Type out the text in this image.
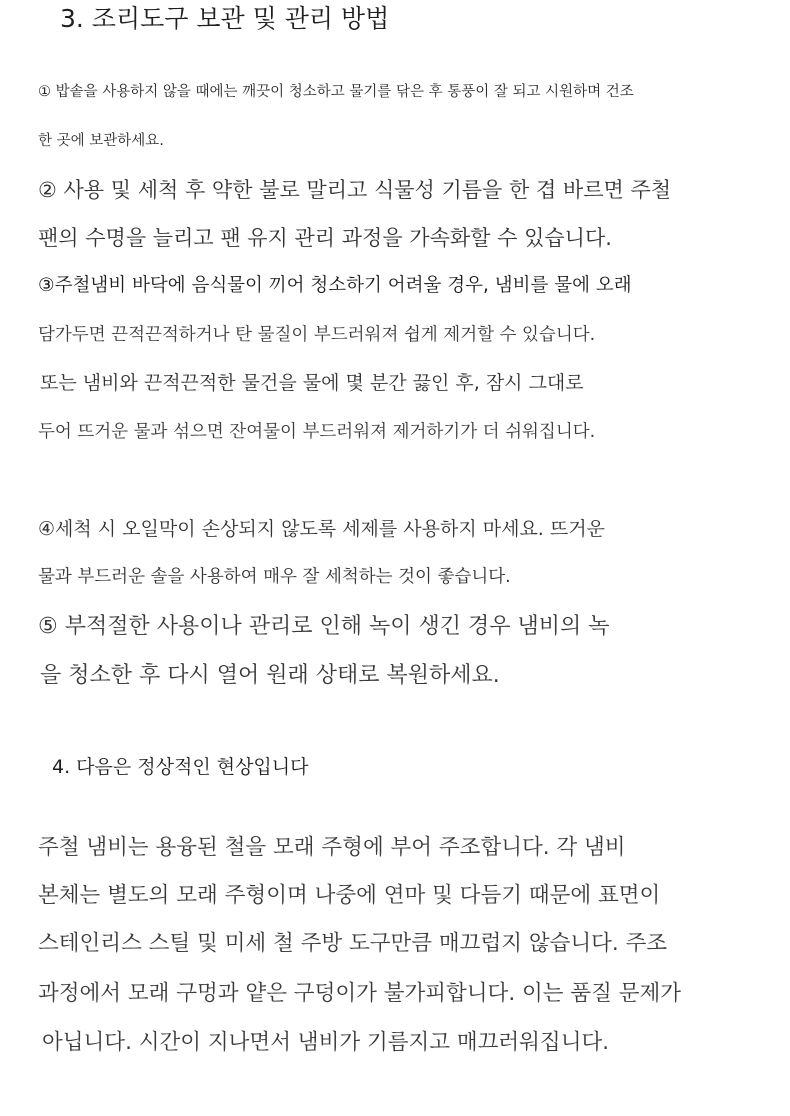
3. 조리도구 보관 및 관리 방법
① 밥솥을 사용하지 않을 때에는 깨끗이 청소하고 물기를 닦은 후 통풍이 잘 되고 시원하며 건조
한 곳에 보관하세요.
② 사용 및 세척 후 약한 불로 말리고 식물성 기름을 한 겹 바르면 주철
팬의 수명을 늘리고 팬 유지 관리 과정을 가속화할 수 있습니다.
③주철냄비 바닥에 음식물이 끼어 청소하기 어려울 경우, 냄비를 물에 오래
담가두면 끈적끈적하거나 탄 물질이 부드러워져 쉽게 제거할 수 있습니다.
또는 냄비와 끈적끈적한 물건을 물에 몇 분간 끓인 후, 잠시 그대로
두어 뜨거운 물과 섞으면 잔여물이 부드러워져 제거하기가 더 쉬워집니다.
④세척 시 오일막이 손상되지 않도록 세제를 사용하지 마세요. 뜨거운
물과 부드러운 솔을 사용하여 매우 잘 세척하는 것이 좋습니다.
⑤ 부적절한 사용이나 관리로 인해 녹이 생긴 경우 냄비의 녹
을 청소한 후 다시 열어 원래 상태로 복원하세요.
4. 다음은 정상적인 현상입니다
주철 냄비는 용융된 철을 모래 주형에 부어 주조합니다. 각 냄비
본체는 별도의 모래 주형이며 나중에 연마 및 다듬기 때문에 표면이
스테인리스 스틸 및 미세 철 주방 도구만큼 매끄럽지 않습니다. 주조
과정에서 모래 구멍과 얕은 구덩이가 불가피합니다. 이는 품질 문제가
아닙니다. 시간이 지나면서 냄비가 기름지고 매끄러워집니다.
